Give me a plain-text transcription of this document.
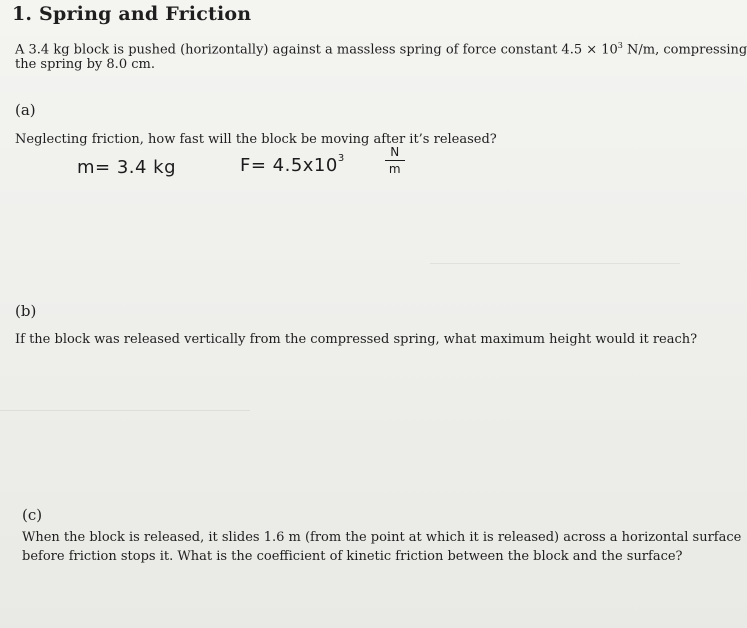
1. Spring and Friction
A 3.4 kg block is pushed (horizontally) against a massless spring of force constant $4.5 \times 10^3$ N/m, compressing
the spring by 8.0 cm.
(a)
Neglecting friction, how fast will the block be moving after it’s released?
m= 3.4 kg	$F= 4.5x10^3$	N
m
(b)
If the block was released vertically from the compressed spring, what maximum height would it reach?
(c)
When the block is released, it slides 1.6 m (from the point at which it is released) across a horizontal surface
before friction stops it. What is the coefficient of kinetic friction between the block and the surface?
